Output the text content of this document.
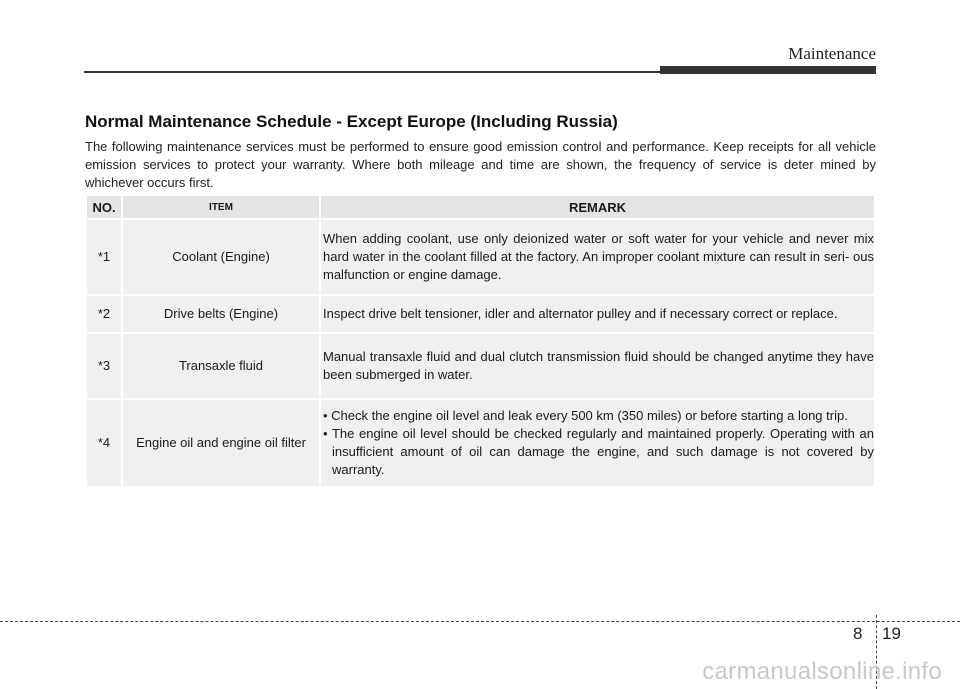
Maintenance
Normal Maintenance Schedule - Except Europe (Including Russia)

The following maintenance services must be performed to ensure good emission control and performance. Keep receipts for all vehicle emission services to protect your warranty. Where both mileage and time are shown, the frequency of service is deter mined by whichever occurs first.

NO.	ITEM	REMARK
*1	Coolant (Engine)	When adding coolant, use only deionized water or soft water for your vehicle and never mix hard water in the coolant filled at the factory. An improper coolant mixture can result in seri- ous malfunction or engine damage.
*2	Drive belts (Engine)	Inspect drive belt tensioner, idler and alternator pulley and if necessary correct or replace.
*3	Transaxle fluid	Manual transaxle fluid and dual clutch transmission fluid should be changed anytime they have been submerged in water.
*4	Engine oil and engine oil filter	• Check the engine oil level and leak every 500 km (350 miles) or before starting a long trip.
• The engine oil level should be checked regularly and maintained properly. Operating with an insufficient amount of oil can damage the engine, and such damage is not covered by warranty.
8 19
carmanualsonline.info
